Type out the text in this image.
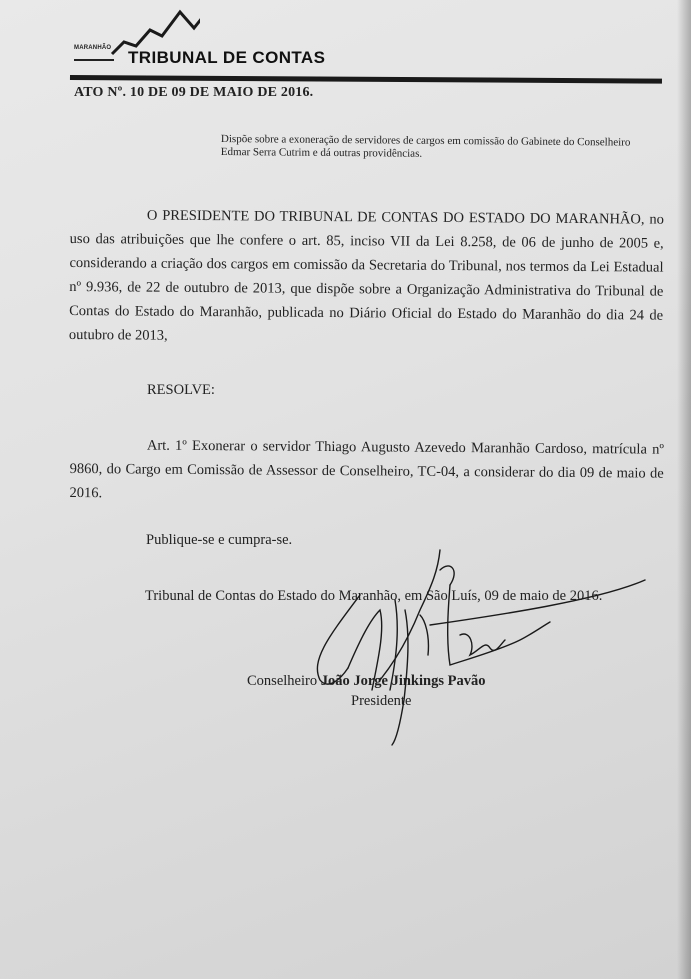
MARANHÃO TRIBUNAL DE CONTAS
ATO Nº. 10 DE 09 DE MAIO DE 2016.
Dispõe sobre a exoneração de servidores de cargos em comissão do Gabinete do Conselheiro Edmar Serra Cutrim e dá outras providências.
O PRESIDENTE DO TRIBUNAL DE CONTAS DO ESTADO DO MARANHÃO, no uso das atribuições que lhe confere o art. 85, inciso VII da Lei 8.258, de 06 de junho de 2005 e, considerando a criação dos cargos em comissão da Secretaria do Tribunal, nos termos da Lei Estadual nº 9.936, de 22 de outubro de 2013, que dispõe sobre a Organização Administrativa do Tribunal de Contas do Estado do Maranhão, publicada no Diário Oficial do Estado do Maranhão do dia 24 de outubro de 2013,
RESOLVE:
Art. 1º Exonerar o servidor Thiago Augusto Azevedo Maranhão Cardoso, matrícula nº 9860, do Cargo em Comissão de Assessor de Conselheiro, TC-04, a considerar do dia 09 de maio de 2016.
Publique-se e cumpra-se.
Tribunal de Contas do Estado do Maranhão, em São Luís, 09 de maio de 2016.
Conselheiro João Jorge Jinkings Pavão
Presidente
